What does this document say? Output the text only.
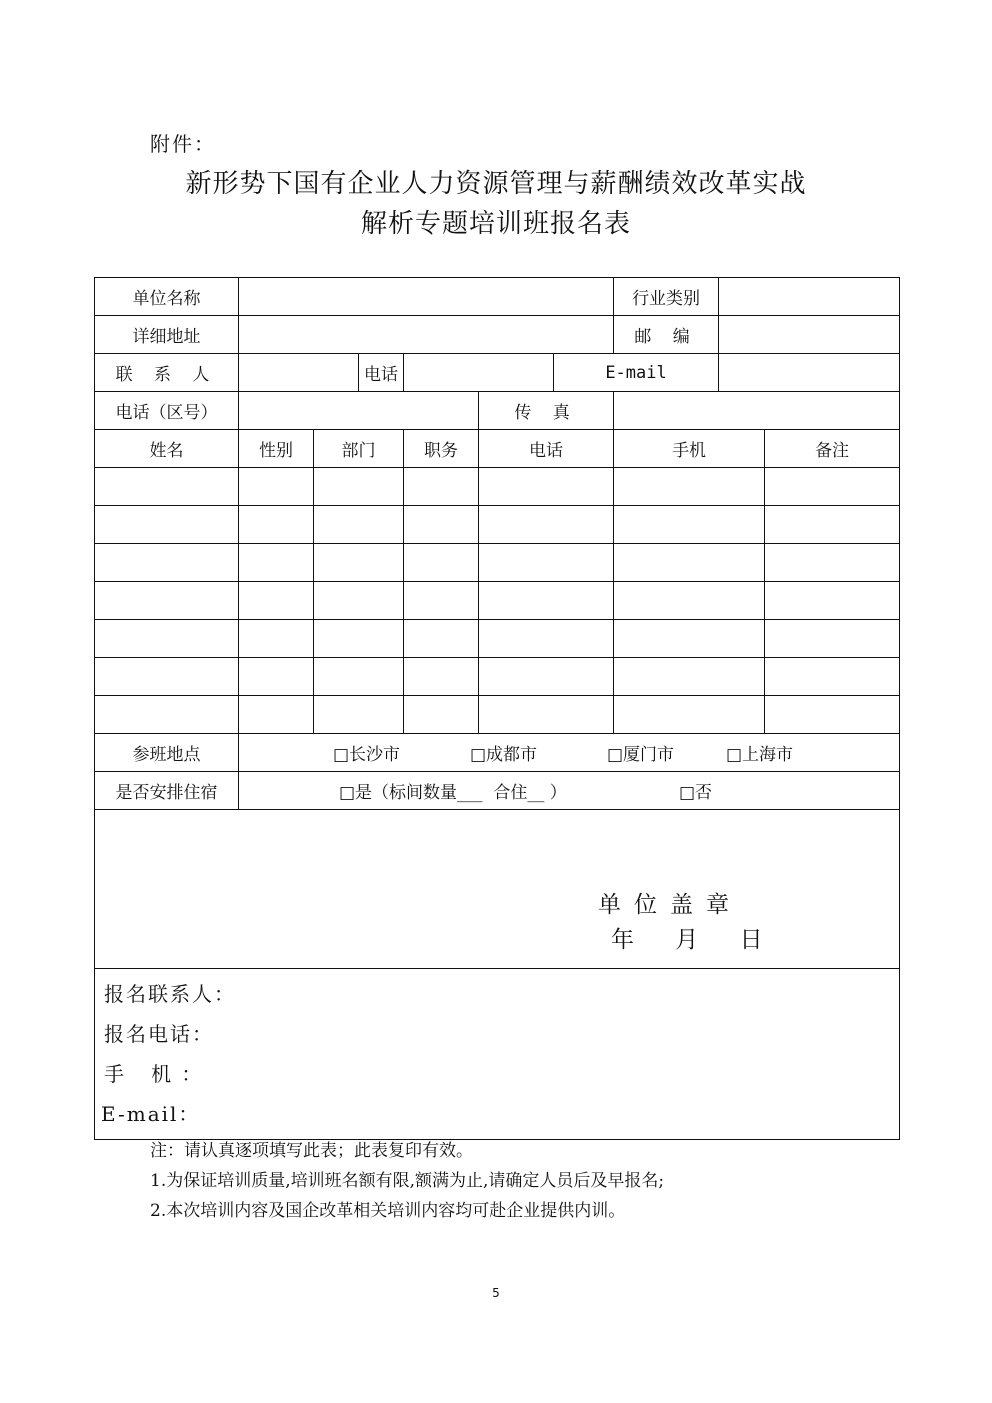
附件：
新形势下国有企业人力资源管理与薪酬绩效改革实战
解析专题培训班报名表
单位名称							行业类别		
详细地址							邮 编		
联 系 人			电话			E-mail			
电话（区号）					传 真				
姓名	性别	部门		职务	电话		手机		备注

参班地点	□长沙市 □成都市 □厦门市 □上海市								
是否安排住宿	□是（标间数量___  合住__ ） □否								

单位盖章
年 月 日									

报名联系人：
报名电话：
手   机 ：
E-mail：									
注：请认真逐项填写此表；此表复印有效。
1.为保证培训质量,培训班名额有限,额满为止,请确定人员后及早报名;
2.本次培训内容及国企改革相关培训内容均可赴企业提供内训。
5
